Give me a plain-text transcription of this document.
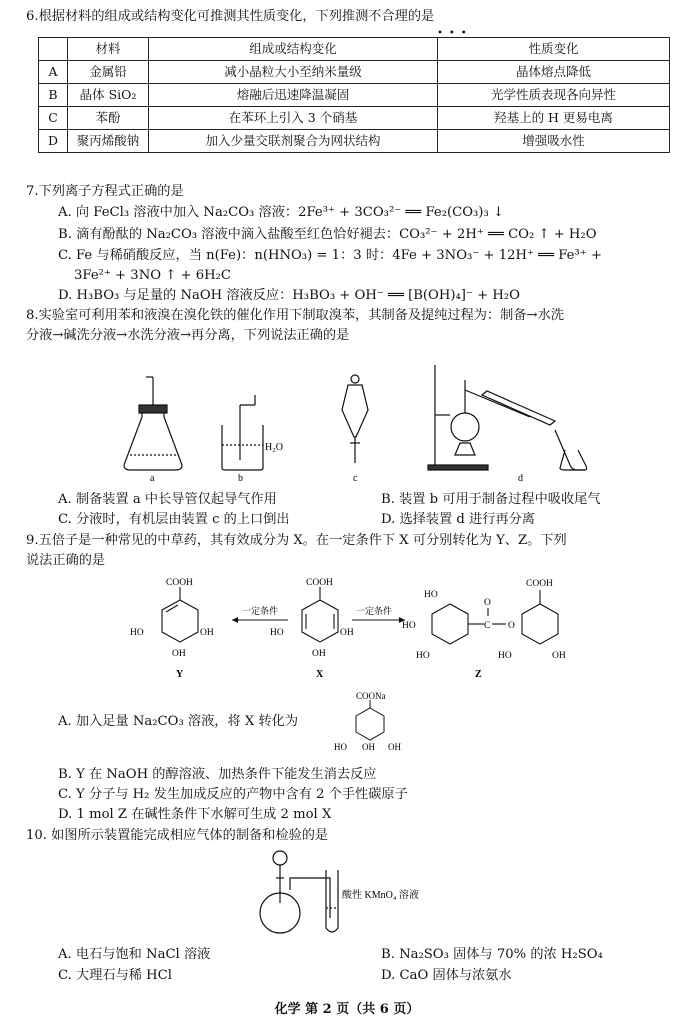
6.根据材料的组成或结构变化可推测其性质变化，下列推测不合理的是
•••
	材料	组成或结构变化	性质变化
A	金属铅	减小晶粒大小至纳米量级	晶体熔点降低
B	晶体 SiO₂	熔融后迅速降温凝固	光学性质表现各向异性
C	苯酚	在苯环上引入 3 个硝基	羟基上的 H 更易电离
D	聚丙烯酸钠	加入少量交联剂聚合为网状结构	增强吸水性
7.下列离子方程式正确的是
A. 向 FeCl₃ 溶液中加入 Na₂CO₃ 溶液：2Fe³⁺ + 3CO₃²⁻ ══ Fe₂(CO₃)₃ ↓
B. 滴有酚酞的 Na₂CO₃ 溶液中滴入盐酸至红色恰好褪去：CO₃²⁻ + 2H⁺ ══ CO₂ ↑ + H₂O
C. Fe 与稀硝酸反应，当 n(Fe)：n(HNO₃) = 1：3 时：4Fe + 3NO₃⁻ + 12H⁺ ══ Fe³⁺ +
3Fe²⁺ + 3NO ↑ + 6H₂C
D. H₃BO₃ 与足量的 NaOH 溶液反应：H₃BO₃ + OH⁻ ══ [B(OH)₄]⁻ + H₂O
8.实验室可利用苯和液溴在溴化铁的催化作用下制取溴苯，其制备及提纯过程为：制备→水洗
分液→碱洗分液→水洗分液→再分离，下列说法正确的是
a
H₂O
b	c	d
A. 制备装置 a 中长导管仅起导气作用	B. 装置 b 可用于制备过程中吸收尾气
C. 分液时，有机层由装置 c 的上口倒出	D. 选择装置 d 进行再分离
9.五倍子是一种常见的中草药，其有效成分为 X。在一定条件下 X 可分别转化为 Y、Z。下列
说法正确的是
COOH
HO
OH
OH
Y
一定条件
COOH
HO
OH
OH
X
一定条件
HO
HO
HO
O
C O
COOH
HO	OH
Z
A. 加入足量 Na₂CO₃ 溶液，将 X 转化为
COONa
HO OH OH
B. Y 在 NaOH 的醇溶液、加热条件下能发生消去反应
C. Y 分子与 H₂ 发生加成反应的产物中含有 2 个手性碳原子
D. 1 mol Z 在碱性条件下水解可生成 2 mol X
10. 如图所示装置能完成相应气体的制备和检验的是
酸性 KMnO₄ 溶液
A. 电石与饱和 NaCl 溶液	B. Na₂SO₃ 固体与 70% 的浓 H₂SO₄
C. 大理石与稀 HCl	D. CaO 固体与浓氨水
化学 第 2 页（共 6 页）
